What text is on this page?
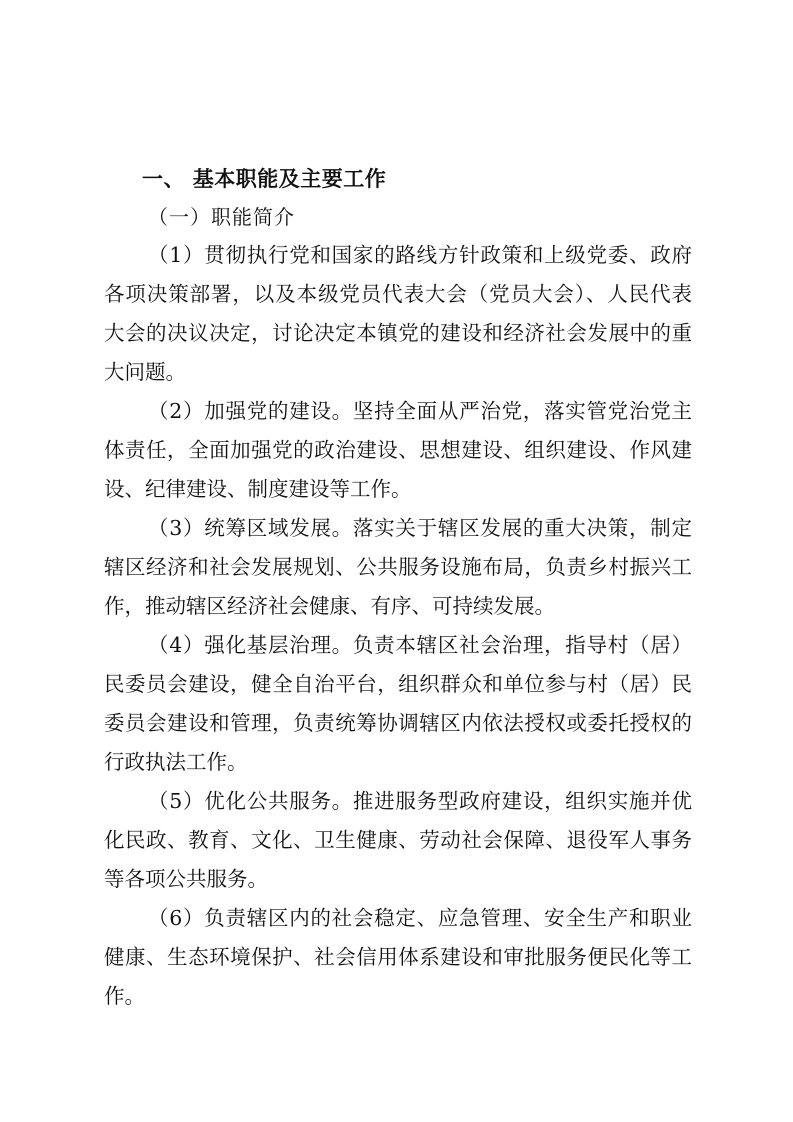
一、 基本职能及主要工作
（一）职能简介
（1）贯彻执行党和国家的路线方针政策和上级党委、政府
各项决策部署，以及本级党员代表大会（党员大会）、人民代表
大会的决议决定，讨论决定本镇党的建设和经济社会发展中的重
大问题。
（2）加强党的建设。坚持全面从严治党，落实管党治党主
体责任，全面加强党的政治建设、思想建设、组织建设、作风建
设、纪律建设、制度建设等工作。
（3）统筹区域发展。落实关于辖区发展的重大决策，制定
辖区经济和社会发展规划、公共服务设施布局，负责乡村振兴工
作，推动辖区经济社会健康、有序、可持续发展。
（4）强化基层治理。负责本辖区社会治理，指导村（居）
民委员会建设，健全自治平台，组织群众和单位参与村（居）民
委员会建设和管理，负责统筹协调辖区内依法授权或委托授权的
行政执法工作。
（5）优化公共服务。推进服务型政府建设，组织实施并优
化民政、教育、文化、卫生健康、劳动社会保障、退役军人事务
等各项公共服务。
（6）负责辖区内的社会稳定、应急管理、安全生产和职业
健康、生态环境保护、社会信用体系建设和审批服务便民化等工
作。
